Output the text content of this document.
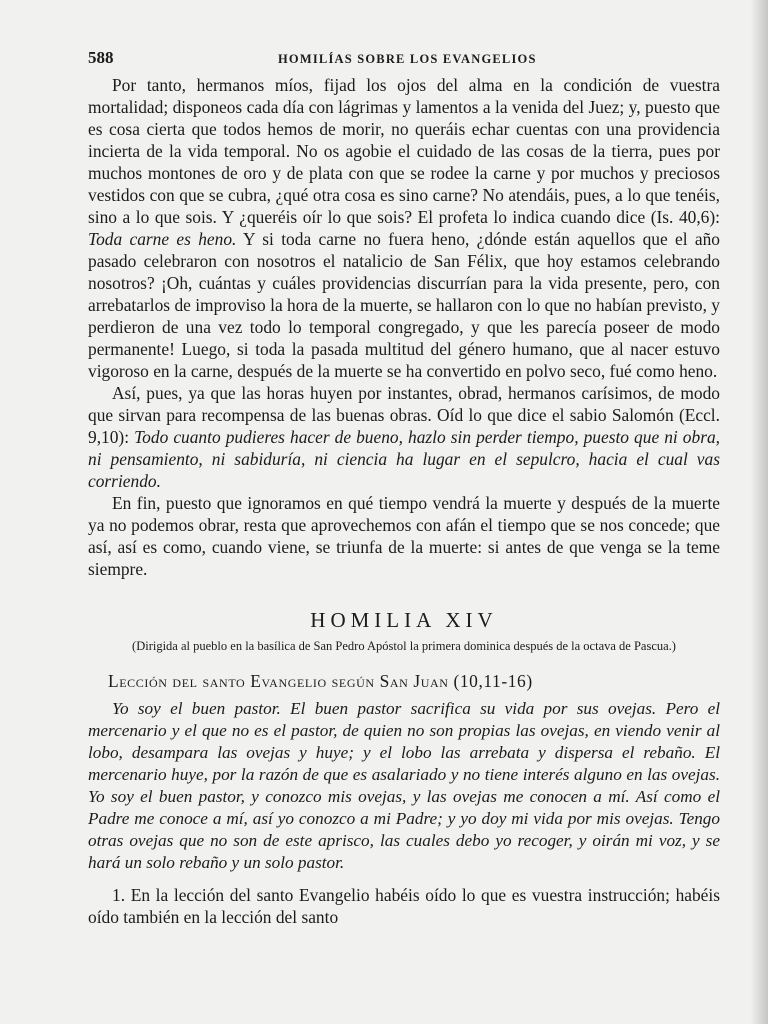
588	HOMILÍAS SOBRE LOS EVANGELIOS

Por tanto, hermanos míos, fijad los ojos del alma en la condición de vuestra mortalidad; disponeos cada día con lágrimas y lamentos a la venida del Juez; y, puesto que es cosa cierta que todos hemos de morir, no queráis echar cuentas con una providencia incierta de la vida temporal. No os agobie el cuidado de las cosas de la tierra, pues por muchos montones de oro y de plata con que se rodee la carne y por muchos y preciosos vestidos con que se cubra, ¿qué otra cosa es sino carne? No atendáis, pues, a lo que tenéis, sino a lo que sois. Y ¿queréis oír lo que sois? El profeta lo indica cuando dice (Is. 40,6): Toda carne es heno. Y si toda carne no fuera heno, ¿dónde están aquellos que el año pasado celebraron con nosotros el natalicio de San Félix, que hoy estamos celebrando nosotros? ¡Oh, cuántas y cuáles providencias discurrían para la vida presente, pero, con arrebatarlos de improviso la hora de la muerte, se hallaron con lo que no habían previsto, y perdieron de una vez todo lo temporal congregado, y que les parecía poseer de modo permanente! Luego, si toda la pasada multitud del género humano, que al nacer estuvo vigoroso en la carne, después de la muerte se ha convertido en polvo seco, fué como heno.

Así, pues, ya que las horas huyen por instantes, obrad, hermanos carísimos, de modo que sirvan para recompensa de las buenas obras. Oíd lo que dice el sabio Salomón (Eccl. 9,10): Todo cuanto pudieres hacer de bueno, hazlo sin perder tiempo, puesto que ni obra, ni pensamiento, ni sabiduría, ni ciencia ha lugar en el sepulcro, hacia el cual vas corriendo.

En fin, puesto que ignoramos en qué tiempo vendrá la muerte y después de la muerte ya no podemos obrar, resta que aprovechemos con afán el tiempo que se nos concede; que así, así es como, cuando viene, se triunfa de la muerte: si antes de que venga se la teme siempre.

HOMILIA XIV
(Dirigida al pueblo en la basílica de San Pedro Apóstol la primera dominica después de la octava de Pascua.)
Lección del santo Evangelio según San Juan (10,11-16)

Yo soy el buen pastor. El buen pastor sacrifica su vida por sus ovejas. Pero el mercenario y el que no es el pastor, de quien no son propias las ovejas, en viendo venir al lobo, desampara las ovejas y huye; y el lobo las arrebata y dispersa el rebaño. El mercenario huye, por la razón de que es asalariado y no tiene interés alguno en las ovejas. Yo soy el buen pastor, y conozco mis ovejas, y las ovejas me conocen a mí. Así como el Padre me conoce a mí, así yo conozco a mi Padre; y yo doy mi vida por mis ovejas. Tengo otras ovejas que no son de este aprisco, las cuales debo yo recoger, y oirán mi voz, y se hará un solo rebaño y un solo pastor.

1. En la lección del santo Evangelio habéis oído lo que es vuestra instrucción; habéis oído también en la lección del santo
